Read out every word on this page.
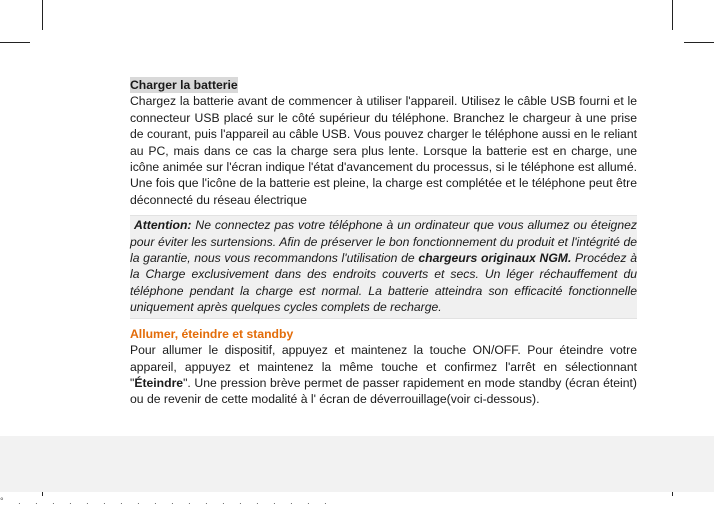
° . . . . . . . . . . . . . . . . . . .
Charger la batterie

Chargez la batterie avant de commencer à utiliser l'appareil. Utilisez le câble USB fourni et le connecteur USB placé sur le côté supérieur du téléphone. Branchez le chargeur à une prise de courant, puis l'appareil au câble USB. Vous pouvez charger le téléphone aussi en le reliant au PC, mais dans ce cas la charge sera plus lente. Lorsque la batterie est en charge, une icône animée sur l'écran indique l'état d'avancement du processus, si le téléphone est allumé. Une fois que l'icône de la batterie est pleine, la charge est complétée et le téléphone peut être déconnecté du réseau électrique

Attention: Ne connectez pas votre téléphone à un ordinateur que vous allumez ou éteignez pour éviter les surtensions. Afin de préserver le bon fonctionnement du produit et l'intégrité de la garantie, nous vous recommandons l'utilisation de chargeurs originaux NGM. Procédez à la Charge exclusivement dans des endroits couverts et secs. Un léger réchauffement du téléphone pendant la charge est normal. La batterie atteindra son efficacité fonctionnelle uniquement après quelques cycles complets de recharge.
Allumer, éteindre et standby

Pour allumer le dispositif, appuyez et maintenez la touche ON/OFF. Pour éteindre votre appareil, appuyez et maintenez la même touche et confirmez l'arrêt en sélectionnant "Éteindre". Une pression brève permet de passer rapidement en mode standby (écran éteint) ou de revenir de cette modalité à l' écran de déverrouillage(voir ci-dessous).
